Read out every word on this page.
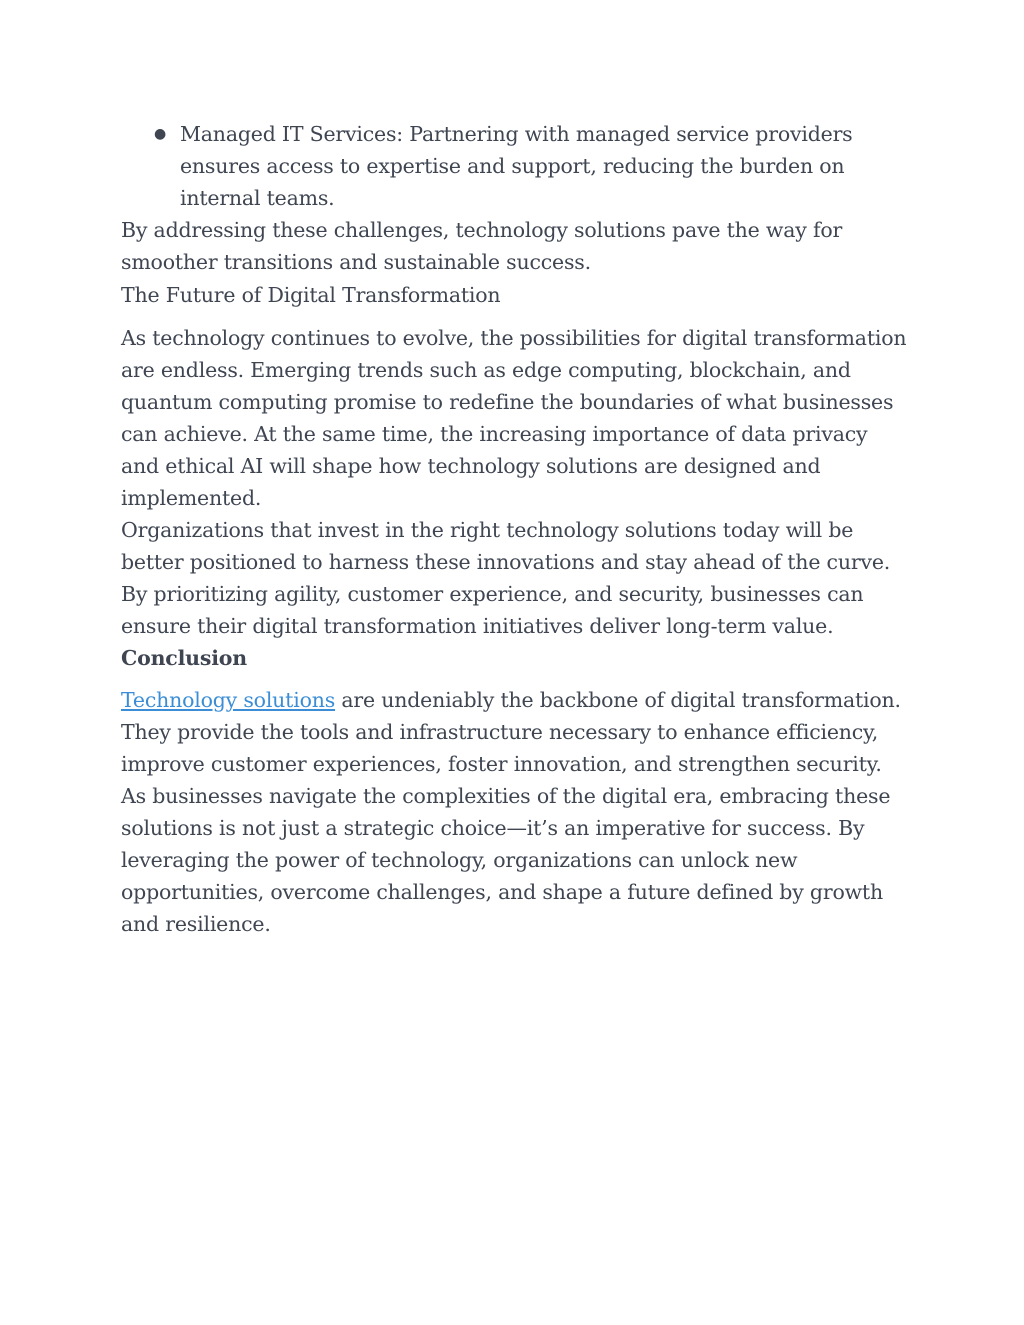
● Managed IT Services: Partnering with managed service providers ensures access to expertise and support, reducing the burden on internal teams.

By addressing these challenges, technology solutions pave the way for smoother transitions and sustainable success.

The Future of Digital Transformation

As technology continues to evolve, the possibilities for digital transformation are endless. Emerging trends such as edge computing, blockchain, and quantum computing promise to redefine the boundaries of what businesses can achieve. At the same time, the increasing importance of data privacy and ethical AI will shape how technology solutions are designed and implemented.

Organizations that invest in the right technology solutions today will be better positioned to harness these innovations and stay ahead of the curve. By prioritizing agility, customer experience, and security, businesses can ensure their digital transformation initiatives deliver long-term value.

Conclusion

Technology solutions are undeniably the backbone of digital transformation. They provide the tools and infrastructure necessary to enhance efficiency, improve customer experiences, foster innovation, and strengthen security. As businesses navigate the complexities of the digital era, embracing these solutions is not just a strategic choice—it’s an imperative for success. By leveraging the power of technology, organizations can unlock new opportunities, overcome challenges, and shape a future defined by growth and resilience.
